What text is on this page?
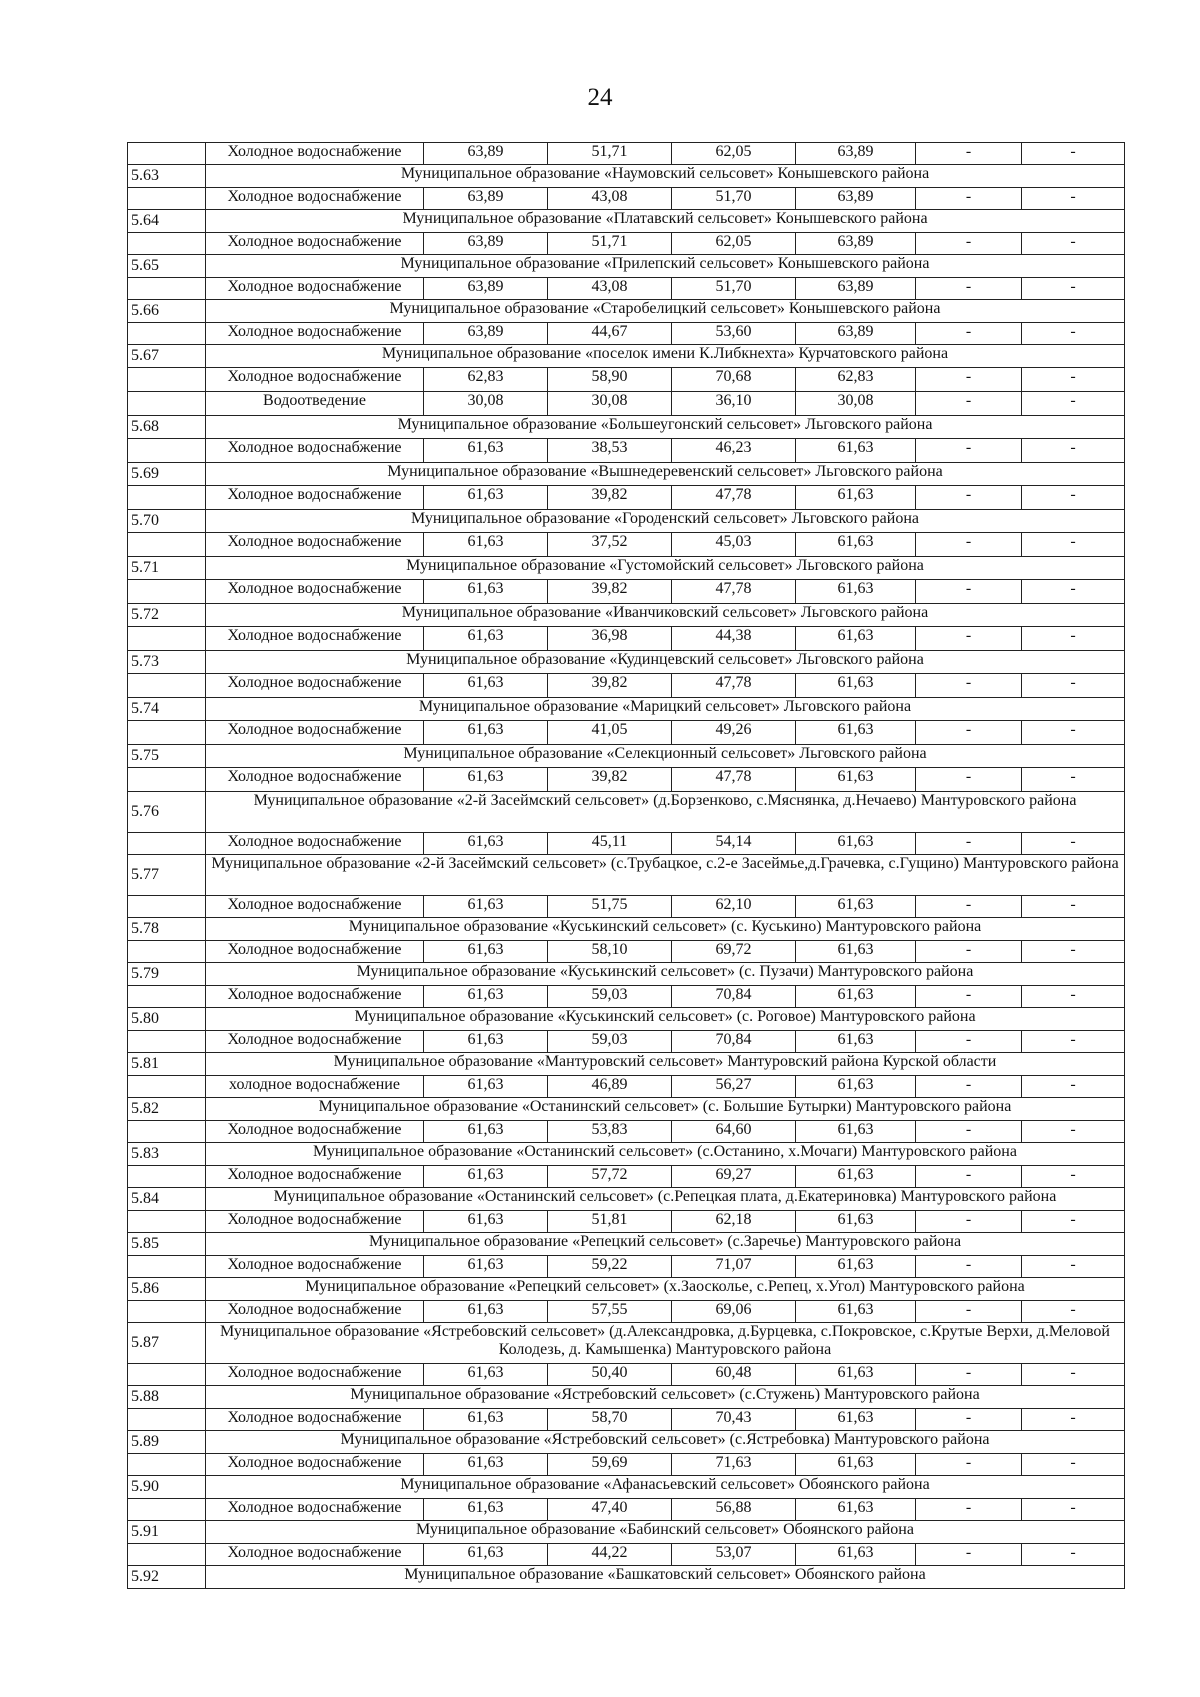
24
	Холодное водоснабжение	63,89	51,71	62,05	63,89	-	-
5.63	Муниципальное образование «Наумовский сельсовет» Конышевского района						
	Холодное водоснабжение	63,89	43,08	51,70	63,89	-	-
5.64	Муниципальное образование «Платавский сельсовет» Конышевского района						
	Холодное водоснабжение	63,89	51,71	62,05	63,89	-	-
5.65	Муниципальное образование «Прилепский сельсовет» Конышевского района						
	Холодное водоснабжение	63,89	43,08	51,70	63,89	-	-
5.66	Муниципальное образование «Старобелицкий сельсовет» Конышевского района						
	Холодное водоснабжение	63,89	44,67	53,60	63,89	-	-
5.67	Муниципальное образование «поселок имени К.Либкнехта» Курчатовского района						
	Холодное водоснабжение	62,83	58,90	70,68	62,83	-	-
	Водоотведение	30,08	30,08	36,10	30,08	-	-
5.68	Муниципальное образование «Большеугонский сельсовет» Льговского района						
	Холодное водоснабжение	61,63	38,53	46,23	61,63	-	-
5.69	Муниципальное образование «Вышнедеревенский сельсовет» Льговского района						
	Холодное водоснабжение	61,63	39,82	47,78	61,63	-	-
5.70	Муниципальное образование «Городенский сельсовет» Льговского района						
	Холодное водоснабжение	61,63	37,52	45,03	61,63	-	-
5.71	Муниципальное образование «Густомойский сельсовет» Льговского района						
	Холодное водоснабжение	61,63	39,82	47,78	61,63	-	-
5.72	Муниципальное образование «Иванчиковский сельсовет» Льговского района						
	Холодное водоснабжение	61,63	36,98	44,38	61,63	-	-
5.73	Муниципальное образование «Кудинцевский сельсовет» Льговского района						
	Холодное водоснабжение	61,63	39,82	47,78	61,63	-	-
5.74	Муниципальное образование «Марицкий сельсовет» Льговского района						
	Холодное водоснабжение	61,63	41,05	49,26	61,63	-	-
5.75	Муниципальное образование «Селекционный сельсовет» Льговского района						
	Холодное водоснабжение	61,63	39,82	47,78	61,63	-	-
5.76	Муниципальное образование «2-й Засеймский сельсовет» (д.Борзенково, с.Мяснянка, д.Нечаево) Мантуровского района						
	Холодное водоснабжение	61,63	45,11	54,14	61,63	-	-
5.77	Муниципальное образование «2-й Засеймский сельсовет» (с.Трубацкое, с.2-е Засеймье,д.Грачевка, с.Гущино) Мантуровского района						
	Холодное водоснабжение	61,63	51,75	62,10	61,63	-	-
5.78	Муниципальное образование «Куськинский сельсовет» (с. Куськино) Мантуровского района						
	Холодное водоснабжение	61,63	58,10	69,72	61,63	-	-
5.79	Муниципальное образование «Куськинский сельсовет» (с. Пузачи) Мантуровского района						
	Холодное водоснабжение	61,63	59,03	70,84	61,63	-	-
5.80	Муниципальное образование «Куськинский сельсовет» (с. Роговое) Мантуровского района						
	Холодное водоснабжение	61,63	59,03	70,84	61,63	-	-
5.81	Муниципальное образование «Мантуровский сельсовет» Мантуровский района Курской области						
	холодное водоснабжение	61,63	46,89	56,27	61,63	-	-
5.82	Муниципальное образование «Останинский сельсовет» (с. Большие Бутырки) Мантуровского района						
	Холодное водоснабжение	61,63	53,83	64,60	61,63	-	-
5.83	Муниципальное образование «Останинский сельсовет» (с.Останино, х.Мочаги) Мантуровского района						
	Холодное водоснабжение	61,63	57,72	69,27	61,63	-	-
5.84	Муниципальное образование «Останинский сельсовет» (с.Репецкая плата, д.Екатериновка) Мантуровского района						
	Холодное водоснабжение	61,63	51,81	62,18	61,63	-	-
5.85	Муниципальное образование «Репецкий сельсовет» (с.Заречье) Мантуровского района						
	Холодное водоснабжение	61,63	59,22	71,07	61,63	-	-
5.86	Муниципальное образование «Репецкий сельсовет» (х.Заосколье, с.Репец, х.Угол) Мантуровского района						
	Холодное водоснабжение	61,63	57,55	69,06	61,63	-	-
5.87	Муниципальное образование «Ястребовский сельсовет» (д.Александровка, д.Бурцевка, с.Покровское, с.Крутые Верхи, д.Меловой Колодезь, д. Камышенка) Мантуровского района						
	Холодное водоснабжение	61,63	50,40	60,48	61,63	-	-
5.88	Муниципальное образование «Ястребовский сельсовет» (с.Стужень) Мантуровского района						
	Холодное водоснабжение	61,63	58,70	70,43	61,63	-	-
5.89	Муниципальное образование «Ястребовский сельсовет» (с.Ястребовка) Мантуровского района						
	Холодное водоснабжение	61,63	59,69	71,63	61,63	-	-
5.90	Муниципальное образование «Афанасьевский сельсовет» Обоянского района						
	Холодное водоснабжение	61,63	47,40	56,88	61,63	-	-
5.91	Муниципальное образование «Бабинский сельсовет» Обоянского района						
	Холодное водоснабжение	61,63	44,22	53,07	61,63	-	-
5.92	Муниципальное образование «Башкатовский сельсовет» Обоянского района						
